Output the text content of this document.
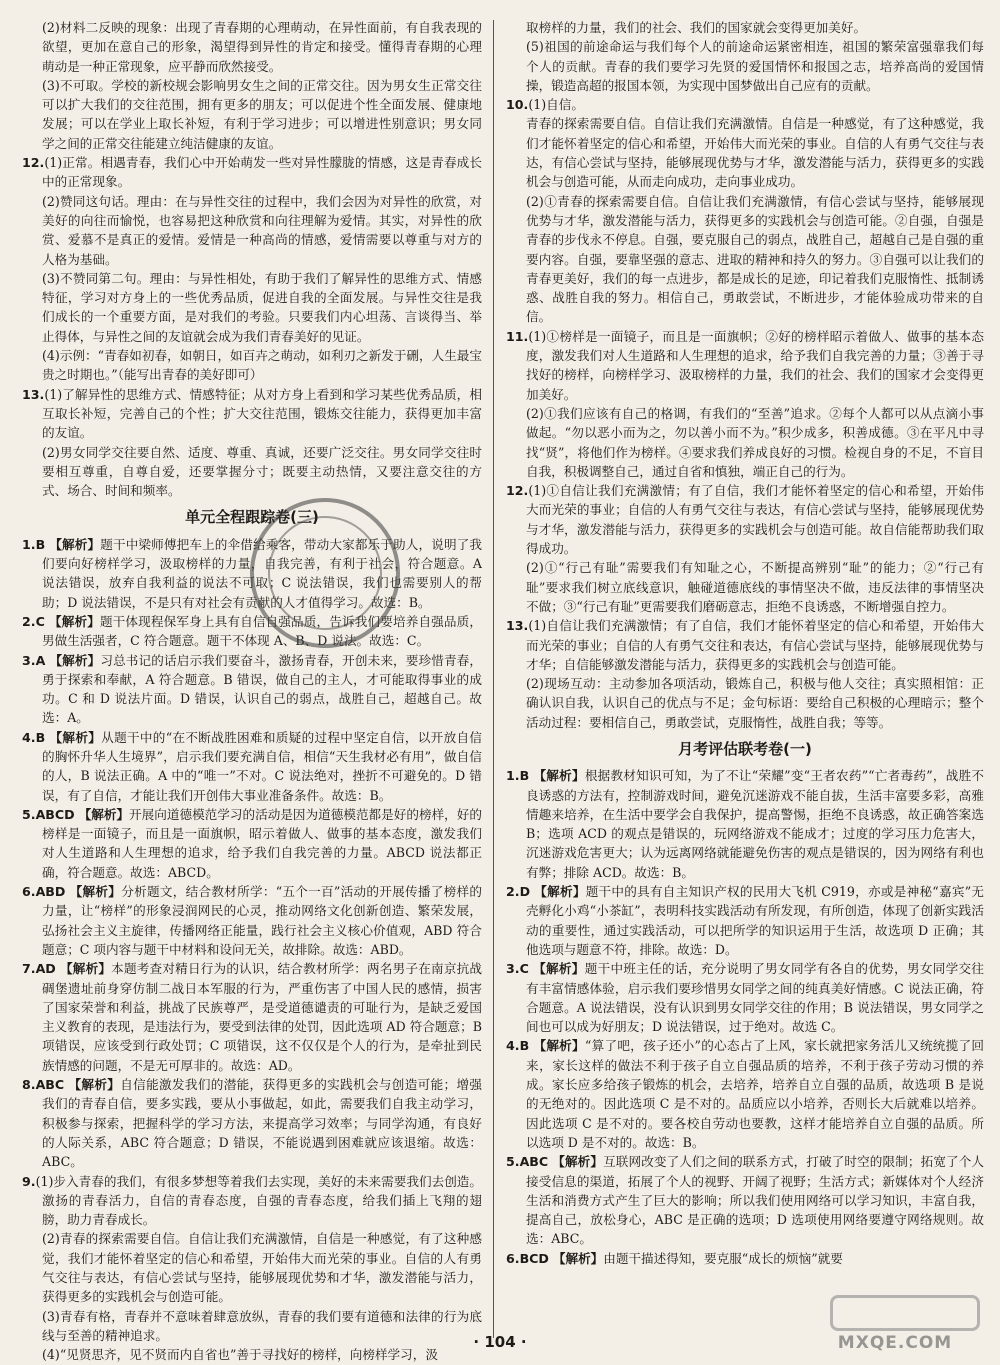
(2)材料二反映的现象：出现了青春期的心理萌动，在异性面前，有自我表现的欲望，更加在意自己的形象，渴望得到异性的肯定和接受。懂得青春期的心理萌动是一种正常现象，应平静而欣然接受。

(3)不可取。学校的新校规会影响男女生之间的正常交往。因为男女生正常交往可以扩大我们的交往范围，拥有更多的朋友；可以促进个性全面发展、健康地发展；可以在学业上取长补短，有利于学习进步；可以增进性别意识；男女同学之间的正常交往能建立纯洁健康的友谊。

12.(1)正常。相遇青春，我们心中开始萌发一些对异性朦胧的情感，这是青春成长中的正常现象。

(2)赞同这句话。理由：在与异性交往的过程中，我们会因为对异性的欣赏，对美好的向往而愉悦，也容易把这种欣赏和向往理解为爱情。其实，对异性的欣赏、爱慕不是真正的爱情。爱情是一种高尚的情感，爱情需要以尊重与对方的人格为基础。

(3)不赞同第二句。理由：与异性相处，有助于我们了解异性的思维方式、情感特征，学习对方身上的一些优秀品质，促进自我的全面发展。与异性交往是我们成长的一个重要方面，是对我们的考验。只要我们内心坦荡、言谈得当、举止得体，与异性之间的友谊就会成为我们青春美好的见证。

(4)示例：“青春如初春，如朝日，如百卉之萌动，如利刃之新发于硎，人生最宝贵之时期也。”（能写出青春的美好即可）

13.(1)了解异性的思维方式、情感特征；从对方身上看到和学习某些优秀品质，相互取长补短，完善自己的个性；扩大交往范围，锻炼交往能力，获得更加丰富的友谊。

(2)男女同学交往要自然、适度、尊重、真诚，还要广泛交往。男女同学交往时要相互尊重，自尊自爱，还要掌握分寸；既要主动热情，又要注意交往的方式、场合、时间和频率。

单元全程跟踪卷(三)

1.B 【解析】题干中梁师傅把车上的伞借给乘客，带动大家都乐于助人，说明了我们要向好榜样学习，汲取榜样的力量，自我完善，有利于社会，符合题意。A 说法错误，放弃自我利益的说法不可取；C 说法错误，我们也需要别人的帮助；D 说法错误，不是只有对社会有贡献的人才值得学习。故选：B。

2.C 【解析】题干体现程保军身上具有自信自强品质，告诉我们要培养自强品质，男做生活强者，C 符合题意。题干不体现 A、B、D 说法。故选：C。

3.A 【解析】习总书记的话启示我们要奋斗，激扬青春，开创未来，要珍惜青春，勇于探索和奉献，A 符合题意。B 错误，做自己的主人，才可能取得事业的成功。C 和 D 说法片面。D 错误，认识自己的弱点，战胜自己，超越自己。故选：A。

4.B 【解析】从题干中的“在不断战胜困难和质疑的过程中坚定自信，以开放自信的胸怀升华人生境界”，启示我们要充满自信，相信“天生我材必有用”，做自信的人，B 说法正确。A 中的“唯一”不对。C 说法绝对，挫折不可避免的。D 错误，有了自信，才能让我们开创伟大事业准备条件。故选：B。

5.ABCD 【解析】开展向道德模范学习的活动是因为道德模范都是好的榜样，好的榜样是一面镜子，而且是一面旗帜，昭示着做人、做事的基本态度，激发我们对人生道路和人生理想的追求，给予我们自我完善的力量。ABCD 说法都正确，符合题意。故选：ABCD。

6.ABD 【解析】分析题文，结合教材所学：“五个一百”活动的开展传播了榜样的力量，让“榜样”的形象浸润网民的心灵，推动网络文化创新创造、繁荣发展，弘扬社会主义主旋律，传播网络正能量，践行社会主义核心价值观，ABD 符合题意；C 项内容与题干中材料和设问无关，故排除。故选：ABD。

7.AD 【解析】本题考查对精日行为的认识，结合教材所学：两名男子在南京抗战碉堡遗址前身穿仿制二战日本军服的行为，严重伤害了中国人民的感情，损害了国家荣誉和利益，挑战了民族尊严，是受道德谴责的可耻行为，是缺乏爱国主义教育的表现，是违法行为，要受到法律的处罚，因此选项 AD 符合题意；B 项错误，应该受到行政处罚；C 项错误，这不仅仅是个人的行为，是牵扯到民族情感的问题，不是无可厚非的。故选：AD。

8.ABC 【解析】自信能激发我们的潜能，获得更多的实践机会与创造可能；增强我们的青春自信，要多实践，要从小事做起，如此，需要我们自我主动学习，积极参与探索，把握科学的学习方法，来提高学习效率；与同学沟通，有良好的人际关系，ABC 符合题意；D 错误，不能说遇到困难就应该退缩。故选：ABC。

9.(1)步入青春的我们，有很多梦想等着我们去实现，美好的未来需要我们去创造。激扬的青春活力，自信的青春态度，自强的青春态度，给我们插上飞翔的翅膀，助力青春成长。

(2)青春的探索需要自信。自信让我们充满激情，自信是一种感觉，有了这种感觉，我们才能怀着坚定的信心和希望，开始伟大而光荣的事业。自信的人有勇气交往与表达，有信心尝试与坚持，能够展现优势和才华，激发潜能与活力，获得更多的实践机会与创造可能。

(3)青春有格，青春并不意味着肆意放纵，青春的我们要有道德和法律的行为底线与至善的精神追求。

(4)“见贤思齐，见不贤而内自省也”善于寻找好的榜样，向榜样学习，汲

取榜样的力量，我们的社会、我们的国家就会变得更加美好。

(5)祖国的前途命运与我们每个人的前途命运紧密相连，祖国的繁荣富强靠我们每个人的贡献。青春的我们要学习先贤的爱国情怀和报国之志，培养高尚的爱国情操，锻造高超的报国本领，为实现中国梦做出自己应有的贡献。

10.(1)自信。

青春的探索需要自信。自信让我们充满激情。自信是一种感觉，有了这种感觉，我们才能怀着坚定的信心和希望，开始伟大而光荣的事业。自信的人有勇气交往与表达，有信心尝试与坚持，能够展现优势与才华，激发潜能与活力，获得更多的实践机会与创造可能，从而走向成功，走向事业成功。

(2)①青春的探索需要自信。自信让我们充满激情，有信心尝试与坚持，能够展现优势与才华，激发潜能与活力，获得更多的实践机会与创造可能。②自强，自强是青春的步伐永不停息。自强，要克服自己的弱点，战胜自己，超越自己是自强的重要内容。自强，要靠坚强的意志、进取的精神和持久的努力。③自强可以让我们的青春更美好，我们的每一点进步，都是成长的足迹，印记着我们克服惰性、抵制诱惑、战胜自我的努力。相信自己，勇敢尝试，不断进步，才能体验成功带来的自信。

11.(1)①榜样是一面镜子，而且是一面旗帜；②好的榜样昭示着做人、做事的基本态度，激发我们对人生道路和人生理想的追求，给予我们自我完善的力量；③善于寻找好的榜样，向榜样学习、汲取榜样的力量，我们的社会、我们的国家才会变得更加美好。

(2)①我们应该有自己的格调，有我们的“至善”追求。②每个人都可以从点滴小事做起。“勿以恶小而为之，勿以善小而不为。”积少成多，积善成德。③在平凡中寻找“贤”，将他们作为榜样。④要求我们养成良好的习惯。检视自身的不足，不盲目自我，积极调整自己，通过自省和慎独，端正自己的行为。

12.(1)①自信让我们充满激情；有了自信，我们才能怀着坚定的信心和希望，开始伟大而光荣的事业；自信的人有勇气交往与表达，有信心尝试与坚持，能够展现优势与才华，激发潜能与活力，获得更多的实践机会与创造可能。故自信能帮助我们取得成功。

(2)①“行己有耻”需要我们有知耻之心，不断提高辨别“耻”的能力；②“行己有耻”要求我们树立底线意识，触碰道德底线的事情坚决不做，违反法律的事情坚决不做；③“行己有耻”更需要我们磨砺意志，拒绝不良诱惑，不断增强自控力。

13.(1)自信让我们充满激情；有了自信，我们才能怀着坚定的信心和希望，开始伟大而光荣的事业；自信的人有勇气交往和表达，有信心尝试与坚持，能够展现优势与才华；自信能够激发潜能与活力，获得更多的实践机会与创造可能。

(2)现场互动：主动参加各项活动，锻炼自己，积极与他人交往；真实照相馆：正确认识自我，认识自己的优点与不足；金句标语：要给自己积极的心理暗示；整个活动过程：要相信自己，勇敢尝试，克服惰性，战胜自我；等等。

月考评估联考卷(一)

1.B 【解析】根据教材知识可知，为了不让“荣耀”变“王者农药”“亡者毒药”，战胜不良诱惑的方法有，控制游戏时间，避免沉迷游戏不能自拔，生活丰富要多彩，高雅情趣来培养，在生活中要学会自我保护，提高警惕，拒绝不良诱惑，故正确答案选 B；选项 ACD 的观点是错误的，玩网络游戏不能成才；过度的学习压力危害大，沉迷游戏危害更大；认为远离网络就能避免伤害的观点是错误的，因为网络有利也有弊；排除 ACD。故选：B。

2.D 【解析】题干中的具有自主知识产权的民用大飞机 C919，亦或是神秘“嘉宾”无壳孵化小鸡“小茶缸”，表明科技实践活动有所发现，有所创造，体现了创新实践活动的重要性，通过实践活动，可以把所学的知识运用于生活，故选项 D 正确；其他选项与题意不符，排除。故选：D。

3.C 【解析】题干中班主任的话，充分说明了男女同学有各自的优势，男女同学交往有丰富情感体验，启示我们要珍惜男女同学之间的纯真美好情感。C 说法正确，符合题意。A 说法错误，没有认识到男女同学交往的作用；B 说法错误，男女同学之间也可以成为好朋友；D 说法错误，过于绝对。故选 C。

4.B 【解析】“算了吧，孩子还小”的心态占了上风，家长就把家务活儿又统统揽了回来，家长这样的做法不利于孩子自立自强品质的培养，不利于孩子劳动习惯的养成。家长应多给孩子锻炼的机会，去培养，培养自立自强的品质，故选项 B 是说的无绝对的。因此选项 C 是不对的。品质应以小培养，否则长大后就难以培养。因此选项 C 是不对的。要各校自劳动也要教，这样才能培养自立自强的品质。所以选项 D 是不对的。故选：B。

5.ABC 【解析】互联网改变了人们之间的联系方式，打破了时空的限制；拓宽了个人接受信息的渠道，拓展了个人的视野、开阔了视野；生活方式；新媒体对个人经济生活和消费方式产生了巨大的影响；所以我们使用网络可以学习知识，丰富自我，提高自己，放松身心，ABC 是正确的选项；D 选项使用网络要遵守网络规则。故选：ABC。

6.BCD 【解析】由题干描述得知，要克服“成长的烦恼”就要

· 104 ·	MXQE.COM
